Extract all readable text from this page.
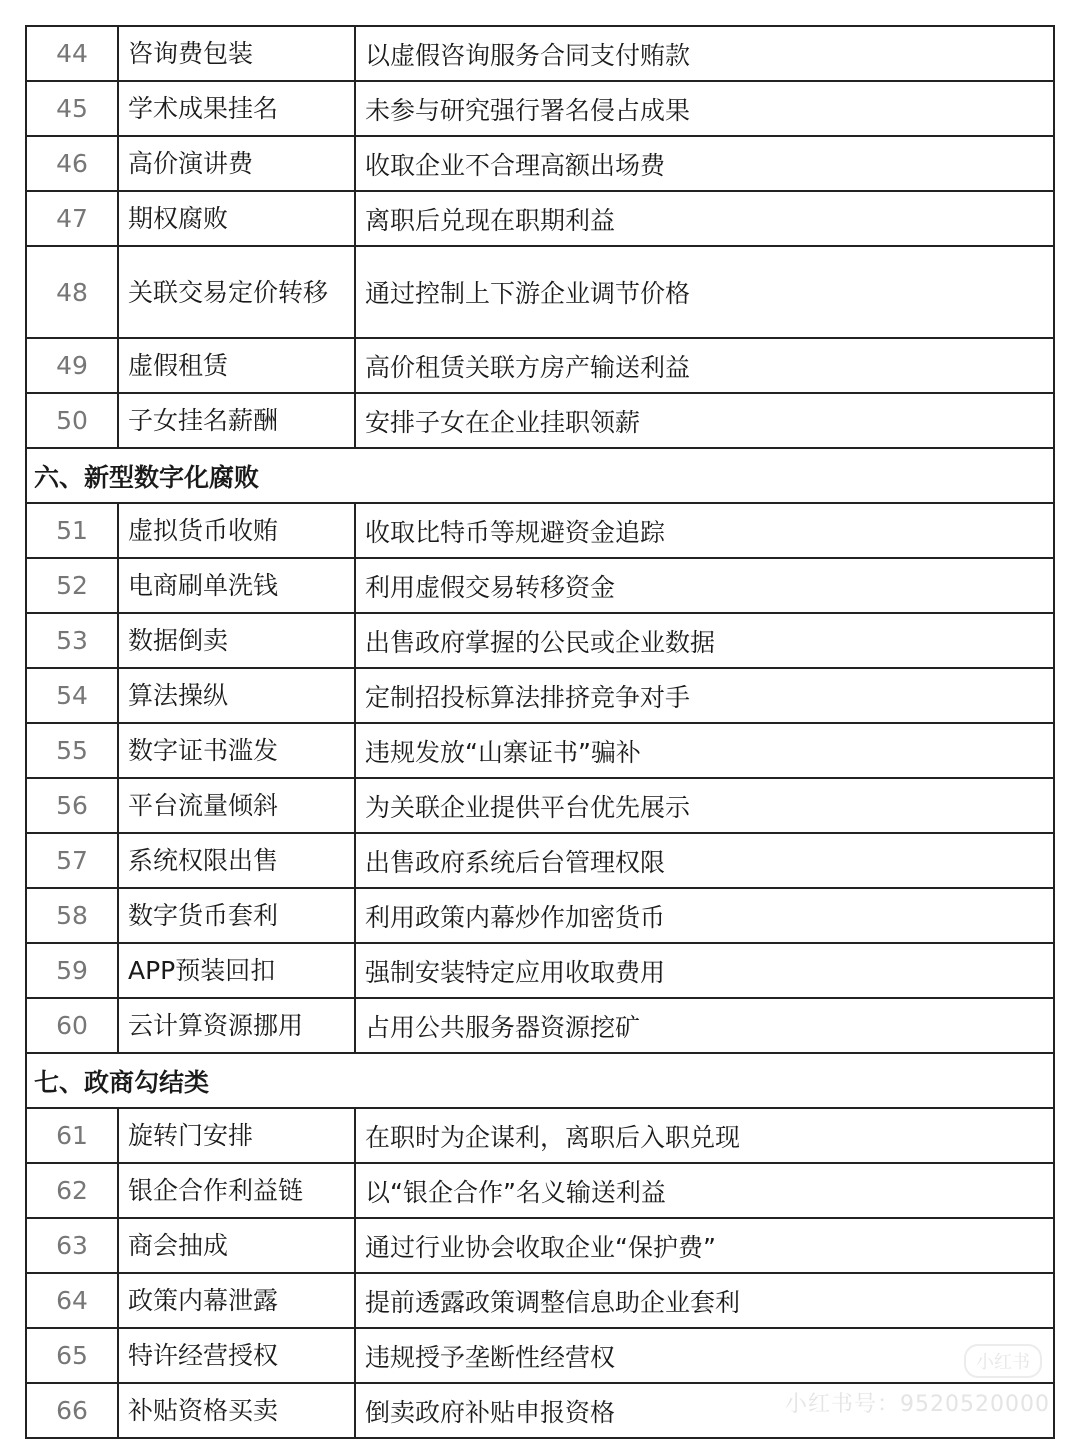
44	咨询费包装	以虚假咨询服务合同支付贿款
45	学术成果挂名	未参与研究强行署名侵占成果
46	高价演讲费	收取企业不合理高额出场费
47	期权腐败	离职后兑现在职期利益
48	关联交易定价转移	通过控制上下游企业调节价格
49	虚假租赁	高价租赁关联方房产输送利益
50	子女挂名薪酬	安排子女在企业挂职领薪
六、新型数字化腐败		
51	虚拟货币收贿	收取比特币等规避资金追踪
52	电商刷单洗钱	利用虚假交易转移资金
53	数据倒卖	出售政府掌握的公民或企业数据
54	算法操纵	定制招投标算法排挤竞争对手
55	数字证书滥发	违规发放“山寨证书”骗补
56	平台流量倾斜	为关联企业提供平台优先展示
57	系统权限出售	出售政府系统后台管理权限
58	数字货币套利	利用政策内幕炒作加密货币
59	APP预装回扣	强制安装特定应用收取费用
60	云计算资源挪用	占用公共服务器资源挖矿
七、政商勾结类		
61	旋转门安排	在职时为企谋利，离职后入职兑现
62	银企合作利益链	以“银企合作”名义输送利益
63	商会抽成	通过行业协会收取企业“保护费”
64	政策内幕泄露	提前透露政策调整信息助企业套利
65	特许经营授权	违规授予垄断性经营权
66	补贴资格买卖	倒卖政府补贴申报资格
小红书
小红书号：9520520000
